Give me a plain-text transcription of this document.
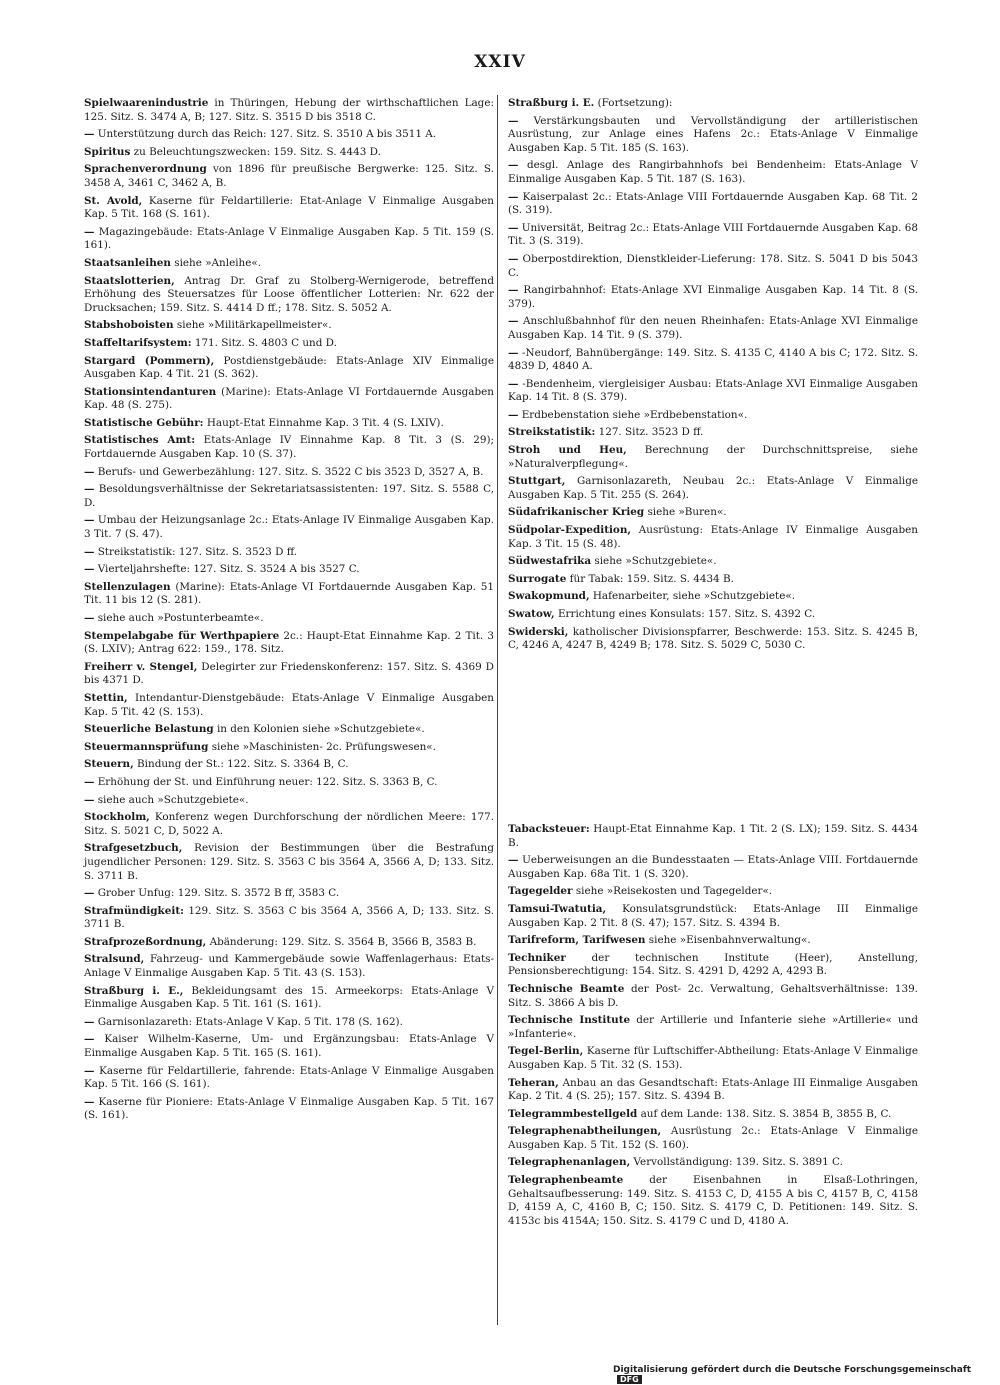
XXIV

Spielwaarenindustrie in Thüringen, Hebung der wirthschaftlichen Lage: 125. Sitz. S. 3474 A, B; 127. Sitz. S. 3515 D bis 3518 C.

— Unterstützung durch das Reich: 127. Sitz. S. 3510 A bis 3511 A.

Spiritus zu Beleuchtungszwecken: 159. Sitz. S. 4443 D.

Sprachenverordnung von 1896 für preußische Bergwerke: 125. Sitz. S. 3458 A, 3461 C, 3462 A, B.

St. Avold, Kaserne für Feldartillerie: Etat-Anlage V Einmalige Ausgaben Kap. 5 Tit. 168 (S. 161).

— Magazingebäude: Etats-Anlage V Einmalige Ausgaben Kap. 5 Tit. 159 (S. 161).

Staatsanleihen siehe »Anleihe«.

Staatslotterien, Antrag Dr. Graf zu Stolberg-Wernigerode, betreffend Erhöhung des Steuersatzes für Loose öffentlicher Lotterien: Nr. 622 der Drucksachen; 159. Sitz. S. 4414 D ff.; 178. Sitz. S. 5052 A.

Stabshoboisten siehe »Militärkapellmeister«.

Staffeltarifsystem: 171. Sitz. S. 4803 C und D.

Stargard (Pommern), Postdienstgebäude: Etats-Anlage XIV Einmalige Ausgaben Kap. 4 Tit. 21 (S. 362).

Stationsintendanturen (Marine): Etats-Anlage VI Fortdauernde Ausgaben Kap. 48 (S. 275).

Statistische Gebühr: Haupt-Etat Einnahme Kap. 3 Tit. 4 (S. LXIV).

Statistisches Amt: Etats-Anlage IV Einnahme Kap. 8 Tit. 3 (S. 29); Fortdauernde Ausgaben Kap. 10 (S. 37).

— Berufs- und Gewerbezählung: 127. Sitz. S. 3522 C bis 3523 D, 3527 A, B.

— Besoldungsverhältnisse der Sekretariatsassistenten: 197. Sitz. S. 5588 C, D.

— Umbau der Heizungsanlage 2c.: Etats-Anlage IV Einmalige Ausgaben Kap. 3 Tit. 7 (S. 47).

— Streikstatistik: 127. Sitz. S. 3523 D ff.

— Vierteljahrshefte: 127. Sitz. S. 3524 A bis 3527 C.

Stellenzulagen (Marine): Etats-Anlage VI Fortdauernde Ausgaben Kap. 51 Tit. 11 bis 12 (S. 281).

— siehe auch »Postunterbeamte«.

Stempelabgabe für Werthpapiere 2c.: Haupt-Etat Einnahme Kap. 2 Tit. 3 (S. LXIV); Antrag 622: 159., 178. Sitz.

Freiherr v. Stengel, Delegirter zur Friedenskonferenz: 157. Sitz. S. 4369 D bis 4371 D.

Stettin, Intendantur-Dienstgebäude: Etats-Anlage V Einmalige Ausgaben Kap. 5 Tit. 42 (S. 153).

Steuerliche Belastung in den Kolonien siehe »Schutzgebiete«.

Steuermannsprüfung siehe »Maschinisten- 2c. Prüfungswesen«.

Steuern, Bindung der St.: 122. Sitz. S. 3364 B, C.

— Erhöhung der St. und Einführung neuer: 122. Sitz. S. 3363 B, C.

— siehe auch »Schutzgebiete«.

Stockholm, Konferenz wegen Durchforschung der nördlichen Meere: 177. Sitz. S. 5021 C, D, 5022 A.

Strafgesetzbuch, Revision der Bestimmungen über die Bestrafung jugendlicher Personen: 129. Sitz. S. 3563 C bis 3564 A, 3566 A, D; 133. Sitz. S. 3711 B.

— Grober Unfug: 129. Sitz. S. 3572 B ff, 3583 C.

Strafmündigkeit: 129. Sitz. S. 3563 C bis 3564 A, 3566 A, D; 133. Sitz. S. 3711 B.

Strafprozeßordnung, Abänderung: 129. Sitz. S. 3564 B, 3566 B, 3583 B.

Stralsund, Fahrzeug- und Kammergebäude sowie Waffenlagerhaus: Etats-Anlage V Einmalige Ausgaben Kap. 5 Tit. 43 (S. 153).

Straßburg i. E., Bekleidungsamt des 15. Armeekorps: Etats-Anlage V Einmalige Ausgaben Kap. 5 Tit. 161 (S. 161).

— Garnisonlazareth: Etats-Anlage V Kap. 5 Tit. 178 (S. 162).

— Kaiser Wilhelm-Kaserne, Um- und Ergänzungsbau: Etats-Anlage V Einmalige Ausgaben Kap. 5 Tit. 165 (S. 161).

— Kaserne für Feldartillerie, fahrende: Etats-Anlage V Einmalige Ausgaben Kap. 5 Tit. 166 (S. 161).

— Kaserne für Pioniere: Etats-Anlage V Einmalige Ausgaben Kap. 5 Tit. 167 (S. 161).

Straßburg i. E. (Fortsetzung):

— Verstärkungsbauten und Vervollständigung der artilleristischen Ausrüstung, zur Anlage eines Hafens 2c.: Etats-Anlage V Einmalige Ausgaben Kap. 5 Tit. 185 (S. 163).

— desgl. Anlage des Rangirbahnhofs bei Bendenheim: Etats-Anlage V Einmalige Ausgaben Kap. 5 Tit. 187 (S. 163).

— Kaiserpalast 2c.: Etats-Anlage VIII Fortdauernde Ausgaben Kap. 68 Tit. 2 (S. 319).

— Universität, Beitrag 2c.: Etats-Anlage VIII Fortdauernde Ausgaben Kap. 68 Tit. 3 (S. 319).

— Oberpostdirektion, Dienstkleider-Lieferung: 178. Sitz. S. 5041 D bis 5043 C.

— Rangirbahnhof: Etats-Anlage XVI Einmalige Ausgaben Kap. 14 Tit. 8 (S. 379).

— Anschlußbahnhof für den neuen Rheinhafen: Etats-Anlage XVI Einmalige Ausgaben Kap. 14 Tit. 9 (S. 379).

— -Neudorf, Bahnübergänge: 149. Sitz. S. 4135 C, 4140 A bis C; 172. Sitz. S. 4839 D, 4840 A.

— -Bendenheim, viergleisiger Ausbau: Etats-Anlage XVI Einmalige Ausgaben Kap. 14 Tit. 8 (S. 379).

— Erdbebenstation siehe »Erdbebenstation«.

Streikstatistik: 127. Sitz. 3523 D ff.

Stroh und Heu, Berechnung der Durchschnittspreise, siehe »Naturalverpflegung«.

Stuttgart, Garnisonlazareth, Neubau 2c.: Etats-Anlage V Einmalige Ausgaben Kap. 5 Tit. 255 (S. 264).

Südafrikanischer Krieg siehe »Buren«.

Südpolar-Expedition, Ausrüstung: Etats-Anlage IV Einmalige Ausgaben Kap. 3 Tit. 15 (S. 48).

Südwestafrika siehe »Schutzgebiete«.

Surrogate für Tabak: 159. Sitz. S. 4434 B.

Swakopmund, Hafenarbeiter, siehe »Schutzgebiete«.

Swatow, Errichtung eines Konsulats: 157. Sitz. S. 4392 C.

Swiderski, katholischer Divisionspfarrer, Beschwerde: 153. Sitz. S. 4245 B, C, 4246 A, 4247 B, 4249 B; 178. Sitz. S. 5029 C, 5030 C.

Tabacksteuer: Haupt-Etat Einnahme Kap. 1 Tit. 2 (S. LX); 159. Sitz. S. 4434 B.

— Ueberweisungen an die Bundesstaaten — Etats-Anlage VIII. Fortdauernde Ausgaben Kap. 68a Tit. 1 (S. 320).

Tagegelder siehe »Reisekosten und Tagegelder«.

Tamsui-Twatutia, Konsulatsgrundstück: Etats-Anlage III Einmalige Ausgaben Kap. 2 Tit. 8 (S. 47); 157. Sitz. S. 4394 B.

Tarifreform, Tarifwesen siehe »Eisenbahnverwaltung«.

Techniker der technischen Institute (Heer), Anstellung, Pensionsberechtigung: 154. Sitz. S. 4291 D, 4292 A, 4293 B.

Technische Beamte der Post- 2c. Verwaltung, Gehaltsverhältnisse: 139. Sitz. S. 3866 A bis D.

Technische Institute der Artillerie und Infanterie siehe »Artillerie« und »Infanterie«.

Tegel-Berlin, Kaserne für Luftschiffer-Abtheilung: Etats-Anlage V Einmalige Ausgaben Kap. 5 Tit. 32 (S. 153).

Teheran, Anbau an das Gesandtschaft: Etats-Anlage III Einmalige Ausgaben Kap. 2 Tit. 4 (S. 25); 157. Sitz. S. 4394 B.

Telegrammbestellgeld auf dem Lande: 138. Sitz. S. 3854 B, 3855 B, C.

Telegraphenabtheilungen, Ausrüstung 2c.: Etats-Anlage V Einmalige Ausgaben Kap. 5 Tit. 152 (S. 160).

Telegraphenanlagen, Vervollständigung: 139. Sitz. S. 3891 C.

Telegraphenbeamte der Eisenbahnen in Elsaß-Lothringen, Gehaltsaufbesserung: 149. Sitz. S. 4153 C, D, 4155 A bis C, 4157 B, C, 4158 D, 4159 A, C, 4160 B, C; 150. Sitz. S. 4179 C, D. Petitionen: 149. Sitz. S. 4153c bis 4154A; 150. Sitz. S. 4179 C und D, 4180 A.

Digitalisierung gefördert durch die Deutsche Forschungsgemeinschaft DFG
